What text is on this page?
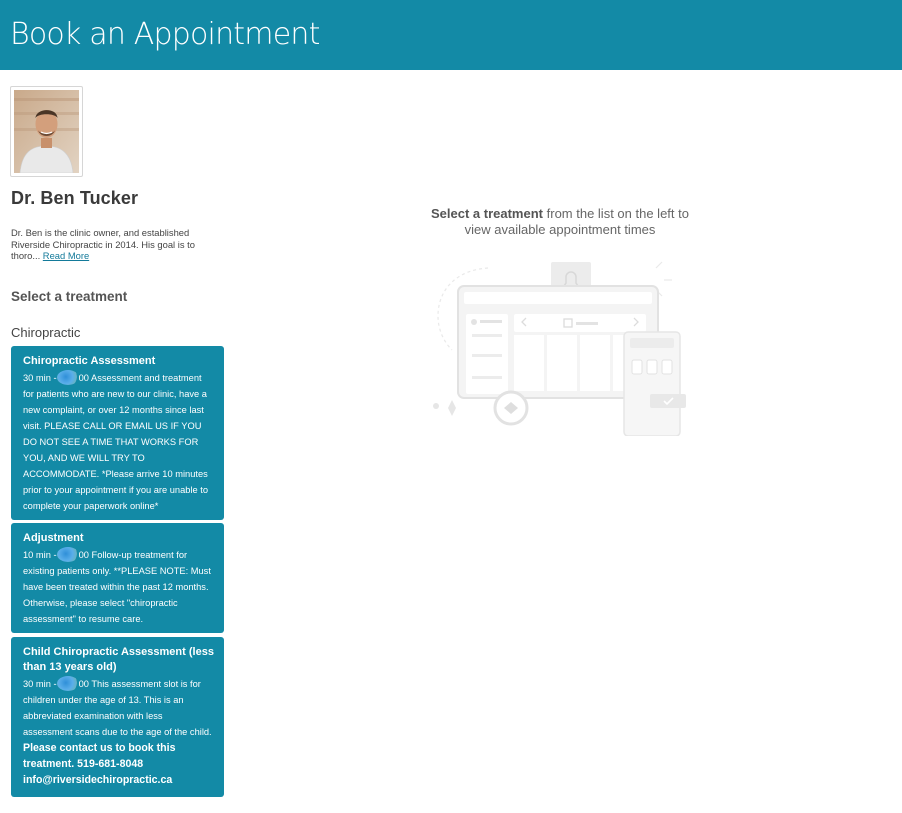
Book an Appointment
Dr. Ben Tucker
Dr. Ben is the clinic owner, and established Riverside Chiropractic in 2014. His goal is to thoro... Read More
Select a treatment
Chiropractic
Chiropractic Assessment
30 min - 00 Assessment and treatment for patients who are new to our clinic, have a new complaint, or over 12 months since last visit. PLEASE CALL OR EMAIL US IF YOU DO NOT SEE A TIME THAT WORKS FOR YOU, AND WE WILL TRY TO ACCOMMODATE. *Please arrive 10 minutes prior to your appointment if you are unable to complete your paperwork online*
Adjustment
10 min - 00 Follow-up treatment for existing patients only. **PLEASE NOTE: Must have been treated within the past 12 months. Otherwise, please select "chiropractic assessment" to resume care.
Child Chiropractic Assessment (less than 13 years old)
30 min - 00 This assessment slot is for children under the age of 13. This is an abbreviated examination with less assessment scans due to the age of the child.
Please contact us to book this treatment. 519-681-8048 info@riversidechiropractic.ca
Select a treatment from the list on the left to view available appointment times
